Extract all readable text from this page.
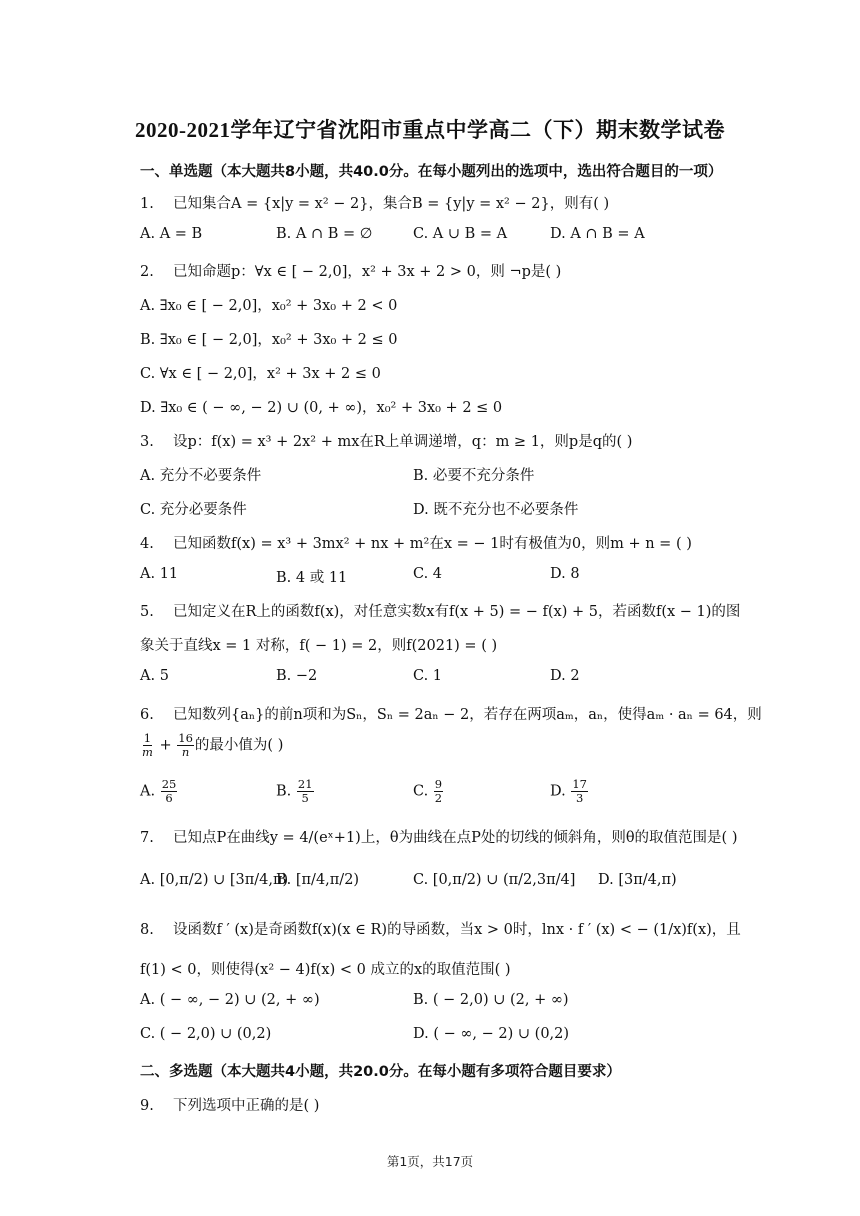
2020-2021学年辽宁省沈阳市重点中学高二（下）期末数学试卷
一、单选题（本大题共8小题，共40.0分。在每小题列出的选项中，选出符合题目的一项）
1. 已知集合A = {x|y = x² − 2}，集合B = {y|y = x² − 2}，则有( )
A. A = B	B. A ∩ B = ∅	C. A ∪ B = A	D. A ∩ B = A
2. 已知命题p：∀x ∈ [ − 2,0]，x² + 3x + 2 > 0，则 ¬p是( )
A. ∃x₀ ∈ [ − 2,0]，x₀² + 3x₀ + 2 < 0
B. ∃x₀ ∈ [ − 2,0]，x₀² + 3x₀ + 2 ≤ 0
C. ∀x ∈ [ − 2,0]，x² + 3x + 2 ≤ 0
D. ∃x₀ ∈ ( − ∞, − 2) ∪ (0, + ∞)，x₀² + 3x₀ + 2 ≤ 0
3. 设p：f(x) = x³ + 2x² + mx在R上单调递增，q：m ≥ 1，则p是q的( )
A. 充分不必要条件	B. 必要不充分条件
C. 充分必要条件	D. 既不充分也不必要条件
4. 已知函数f(x) = x³ + 3mx² + nx + m²在x = − 1时有极值为0，则m + n = ( )
A. 11	B. 4 或 11	C. 4	D. 8
5. 已知定义在R上的函数f(x)，对任意实数x有f(x + 5) = − f(x) + 5，若函数f(x − 1)的图
象关于直线x = 1 对称，f( − 1) = 2，则f(2021) = ( )
A. 5	B. −2	C. 1	D. 2
6. 已知数列{aₙ}的前n项和为Sₙ，Sₙ = 2aₙ − 2，若存在两项aₘ，aₙ，使得aₘ · aₙ = 64，则
$\frac{1}{m} + \frac{16}{n}$ 的最小值为( )
A. $\frac{25}{6}$	B. $\frac{21}{5}$	C. $\frac{9}{2}$	D. $\frac{17}{3}$
7. 已知点P在曲线y = 4/(eˣ+1)上，θ为曲线在点P处的切线的倾斜角，则θ的取值范围是( )
A. [0,π/2) ∪ [3π/4,π)
B. [π/4,π/2)	C. [0,π/2) ∪ (π/2,3π/4] D. [3π/4,π)
8. 设函数f ′ (x)是奇函数f(x)(x ∈ R)的导函数，当x > 0时，lnx · f ′ (x) < − (1/x)f(x)，且
f(1) < 0，则使得(x² − 4)f(x) < 0 成立的x的取值范围( )
A. ( − ∞, − 2) ∪ (2, + ∞)	B. ( − 2,0) ∪ (2, + ∞)
C. ( − 2,0) ∪ (0,2)	D. ( − ∞, − 2) ∪ (0,2)
二、多选题（本大题共4小题，共20.0分。在每小题有多项符合题目要求）
9. 下列选项中正确的是( )
第1页，共17页
